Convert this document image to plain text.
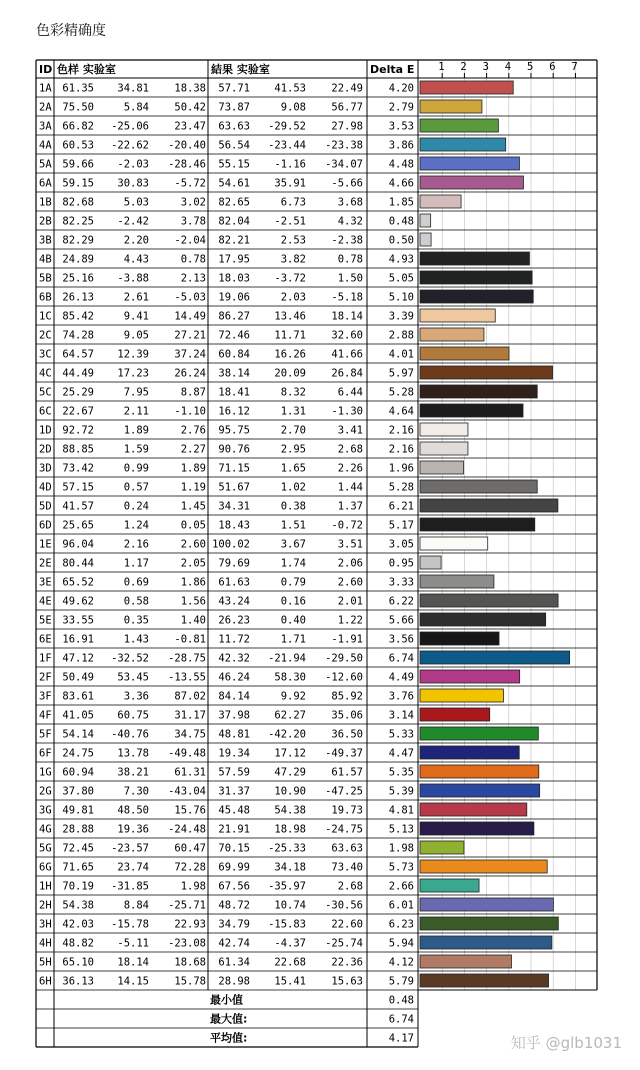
色彩精确度
1 2 3 4 5 6 7
ID 色样 实验室	結果 实验室	Delta E
1A 61.35 34.81 18.38 57.71 41.53 22.49 4.20
2A 75.50	5.84 50.42 73.87	9.08 56.77 2.79
3A 66.82 -25.06 23.47 63.63 -29.52 27.98 3.53
4A 60.53 -22.62 -20.40 56.54 -23.44 -23.38 3.86
5A 59.66 -2.03 -28.46 55.15 -1.16 -34.07 4.48
6A 59.15 30.83 -5.72 54.61 35.91 -5.66 4.66
1B 82.68	5.03	3.02 82.65	6.73	3.68 1.85
2B 82.25 -2.42	3.78 82.04 -2.51	4.32 0.48
3B 82.29	2.20 -2.04 82.21	2.53 -2.38 0.50
4B 24.89	4.43	0.78 17.95	3.82	0.78 4.93
5B 25.16 -3.88	2.13 18.03 -3.72	1.50 5.05
6B 26.13	2.61 -5.03 19.06	2.03 -5.18 5.10
1C 85.42	9.41 14.49 86.27 13.46 18.14 3.39
2C 74.28	9.05 27.21 72.46 11.71 32.60 2.88
3C 64.57 12.39 37.24 60.84 16.26 41.66 4.01
4C 44.49 17.23 26.24 38.14 20.09 26.84 5.97
5C 25.29	7.95	8.87 18.41	8.32	6.44 5.28
6C 22.67	2.11 -1.10 16.12	1.31 -1.30 4.64
1D 92.72	1.89	2.76 95.75	2.70	3.41 2.16
2D 88.85	1.59	2.27 90.76	2.95	2.68 2.16
3D 73.42	0.99	1.89 71.15	1.65	2.26 1.96
4D 57.15	0.57	1.19 51.67	1.02	1.44 5.28
5D 41.57	0.24	1.45 34.31	0.38	1.37 6.21
6D 25.65	1.24	0.05 18.43	1.51 -0.72 5.17
1E 96.04	2.16	2.60 100.02	3.67	3.51 3.05
2E 80.44	1.17	2.05 79.69	1.74	2.06 0.95
3E 65.52	0.69	1.86 61.63	0.79	2.60 3.33
4E 49.62	0.58	1.56 43.24	0.16	2.01 6.22
5E 33.55	0.35	1.40 26.23	0.40	1.22 5.66
6E 16.91	1.43 -0.81 11.72	1.71 -1.91 3.56
1F 47.12 -32.52 -28.75 42.32 -21.94 -29.50 6.74
2F 50.49 53.45 -13.55 46.24 58.30 -12.60 4.49
3F 83.61	3.36 87.02 84.14	9.92 85.92 3.76
4F 41.05 60.75 31.17 37.98 62.27 35.06 3.14
5F 54.14 -40.76 34.75 48.81 -42.20 36.50 5.33
6F 24.75 13.78 -49.48 19.34 17.12 -49.37 4.47
1G 60.94 38.21 61.31 57.59 47.29 61.57 5.35
2G 37.80	7.30 -43.04 31.37 10.90 -47.25 5.39
3G 49.81 48.50 15.76 45.48 54.38 19.73 4.81
4G 28.88 19.36 -24.48 21.91 18.98 -24.75 5.13
5G 72.45 -23.57 60.47 70.15 -25.33 63.63 1.98
6G 71.65 23.74 72.28 69.99 34.18 73.40 5.73
1H 70.19 -31.85	1.98 67.56 -35.97	2.68 2.66
2H 54.38	8.84 -25.71 48.72 10.74 -30.56 6.01
3H 42.03 -15.78 22.93 34.79 -15.83 22.60 6.23
4H 48.82 -5.11 -23.08 42.74 -4.37 -25.74 5.94
5H 65.10 18.14 18.68 61.34 22.68 22.36 4.12
6H 36.13 14.15 15.78 28.98 15.41 15.63 5.79
最小值	0.48
最大值:	6.74
平均值:	4.17	知乎 @glb1031
